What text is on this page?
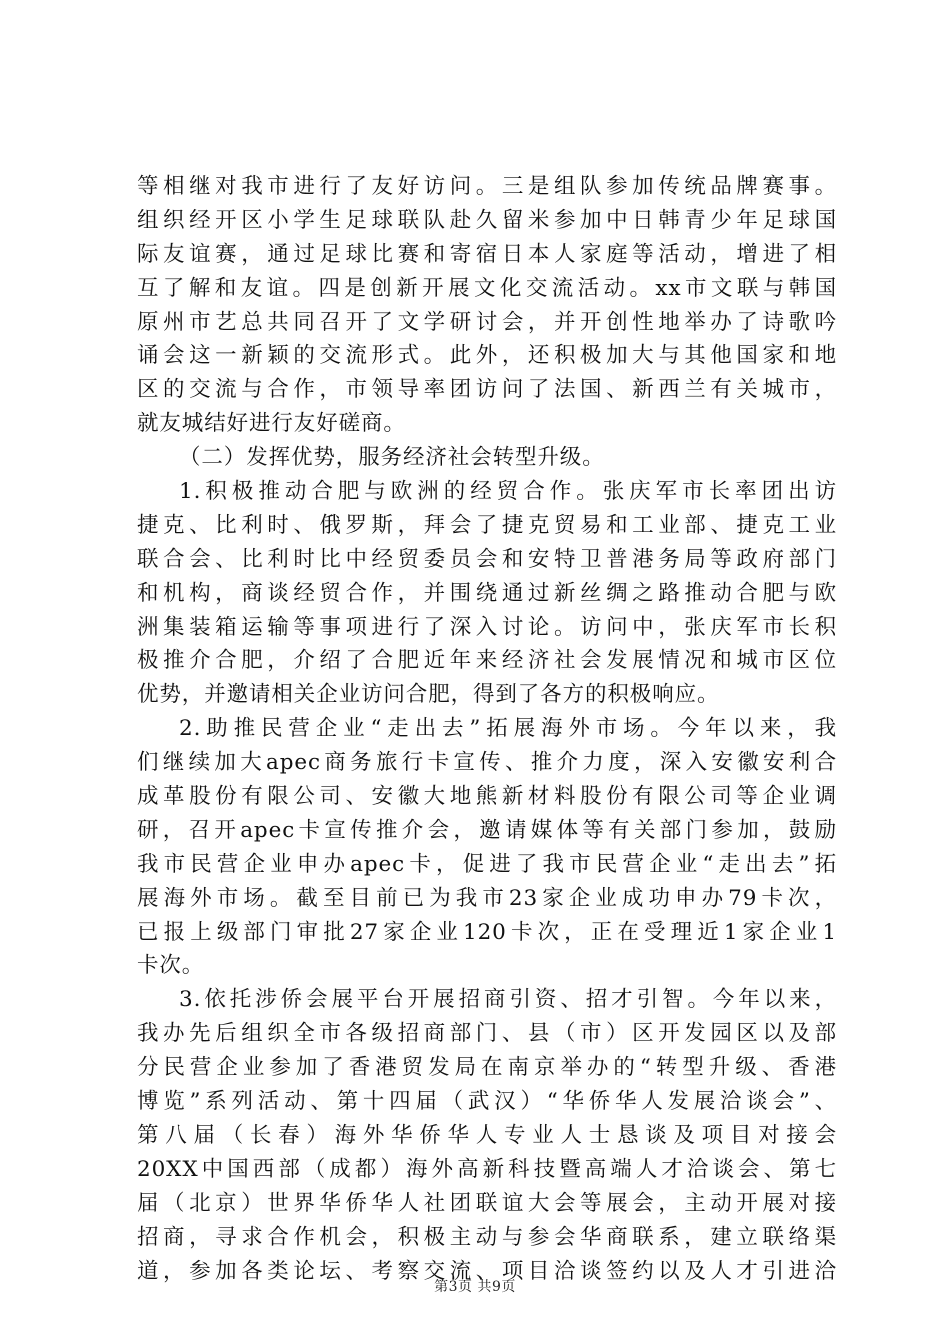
等相继对我市进行了友好访问。三是组队参加传统品牌赛事。
组织经开区小学生足球联队赴久留米参加中日韩青少年足球国
际友谊赛，通过足球比赛和寄宿日本人家庭等活动，增进了相
互了解和友谊。四是创新开展文化交流活动。xx市文联与韩国
原州市艺总共同召开了文学研讨会，并开创性地举办了诗歌吟
诵会这一新颖的交流形式。此外，还积极加大与其他国家和地
区的交流与合作，市领导率团访问了法国、新西兰有关城市，
就友城结好进行友好磋商。
（二）发挥优势，服务经济社会转型升级。
1.积极推动合肥与欧洲的经贸合作。张庆军市长率团出访
捷克、比利时、俄罗斯，拜会了捷克贸易和工业部、捷克工业
联合会、比利时比中经贸委员会和安特卫普港务局等政府部门
和机构，商谈经贸合作，并围绕通过新丝绸之路推动合肥与欧
洲集装箱运输等事项进行了深入讨论。访问中，张庆军市长积
极推介合肥，介绍了合肥近年来经济社会发展情况和城市区位
优势，并邀请相关企业访问合肥，得到了各方的积极响应。
2.助推民营企业“走出去”拓展海外市场。今年以来，我
们继续加大apec商务旅行卡宣传、推介力度，深入安徽安利合
成革股份有限公司、安徽大地熊新材料股份有限公司等企业调
研，召开apec卡宣传推介会，邀请媒体等有关部门参加，鼓励
我市民营企业申办apec卡，促进了我市民营企业“走出去”拓
展海外市场。截至目前已为我市23家企业成功申办79卡次，
已报上级部门审批27家企业120卡次，正在受理近1家企业1
卡次。
3.依托涉侨会展平台开展招商引资、招才引智。今年以来，
我办先后组织全市各级招商部门、县（市）区开发园区以及部
分民营企业参加了香港贸发局在南京举办的“转型升级、香港
博览”系列活动、第十四届（武汉）“华侨华人发展洽谈会”、
第八届（长春）海外华侨华人专业人士恳谈及项目对接会
20XX中国西部（成都）海外高新科技暨高端人才洽谈会、第七
届（北京）世界华侨华人社团联谊大会等展会，主动开展对接
招商，寻求合作机会，积极主动与参会华商联系，建立联络渠
道，参加各类论坛、考察交流、项目洽谈签约以及人才引进洽
第3页 共9页
